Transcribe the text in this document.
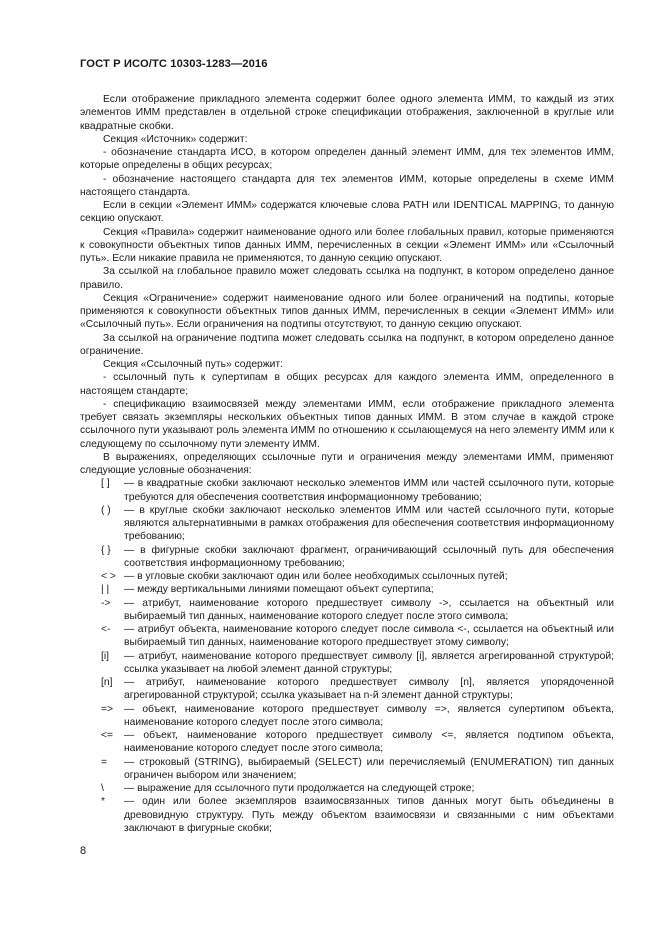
ГОСТ Р ИСО/ТС 10303-1283—2016

Если отображение прикладного элемента содержит более одного элемента ИММ, то каждый из этих элементов ИММ представлен в отдельной строке спецификации отображения, заключенной в круглые или квадратные скобки.

Секция «Источник» содержит:

- обозначение стандарта ИСО, в котором определен данный элемент ИММ, для тех элементов ИММ, которые определены в общих ресурсах;

- обозначение настоящего стандарта для тех элементов ИММ, которые определены в схеме ИММ настоящего стандарта.

Если в секции «Элемент ИММ» содержатся ключевые слова PATH или IDENTICAL MAPPING, то данную секцию опускают.

Секция «Правила» содержит наименование одного или более глобальных правил, которые применяются к совокупности объектных типов данных ИММ, перечисленных в секции «Элемент ИММ» или «Ссылочный путь». Если никакие правила не применяются, то данную секцию опускают.

За ссылкой на глобальное правило может следовать ссылка на подпункт, в котором определено данное правило.

Секция «Ограничение» содержит наименование одного или более ограничений на подтипы, которые применяются к совокупности объектных типов данных ИММ, перечисленных в секции «Элемент ИММ» или «Ссылочный путь». Если ограничения на подтипы отсутствуют, то данную секцию опускают.

За ссылкой на ограничение подтипа может следовать ссылка на подпункт, в котором определено данное ограничение.

Секция «Ссылочный путь» содержит:

- ссылочный путь к супертипам в общих ресурсах для каждого элемента ИММ, определенного в настоящем стандарте;

- спецификацию взаимосвязей между элементами ИММ, если отображение прикладного элемента требует связать экземпляры нескольких объектных типов данных ИММ. В этом случае в каждой строке ссылочного пути указывают роль элемента ИММ по отношению к ссылающемуся на него элементу ИММ или к следующему по ссылочному пути элементу ИММ.

В выражениях, определяющих ссылочные пути и ограничения между элементами ИММ, применяют следующие условные обозначения:

[ ]	— в квадратные скобки заключают несколько элементов ИММ или частей ссылочного пути, которые требуются для обеспечения соответствия информационному требованию;
( )	— в круглые скобки заключают несколько элементов ИММ или частей ссылочного пути, которые являются альтернативными в рамках отображения для обеспечения соответствия информационному требованию;
{ }	— в фигурные скобки заключают фрагмент, ограничивающий ссылочный путь для обеспечения соответствия информационному требованию;
< > — в угловые скобки заключают один или более необходимых ссылочных путей;
| |	— между вертикальными линиями помещают объект супертипа;
->	— атрибут, наименование которого предшествует символу ->, ссылается на объектный или выбираемый тип данных, наименование которого следует после этого символа;
<-	— атрибут объекта, наименование которого следует после символа <-, ссылается на объектный или выбираемый тип данных, наименование которого предшествует этому символу;
[i]	— атрибут, наименование которого предшествует символу [i], является агрегированной структурой; ссылка указывает на любой элемент данной структуры;
[n]	— атрибут, наименование которого предшествует символу [n], является упорядоченной агрегированной структурой; ссылка указывает на n-й элемент данной структуры;
=>	— объект, наименование которого предшествует символу =>, является супертипом объекта, наименование которого следует после этого символа;
<=	— объект, наименование которого предшествует символу <=, является подтипом объекта, наименование которого следует после этого символа;
=	— строковый (STRING), выбираемый (SELECT) или перечисляемый (ENUMERATION) тип данных ограничен выбором или значением;
\	— выражение для ссылочного пути продолжается на следующей строке;
*	— один или более экземпляров взаимосвязанных типов данных могут быть объединены в древовидную структуру. Путь между объектом взаимосвязи и связанными с ним объектами заключают в фигурные скобки;
8
